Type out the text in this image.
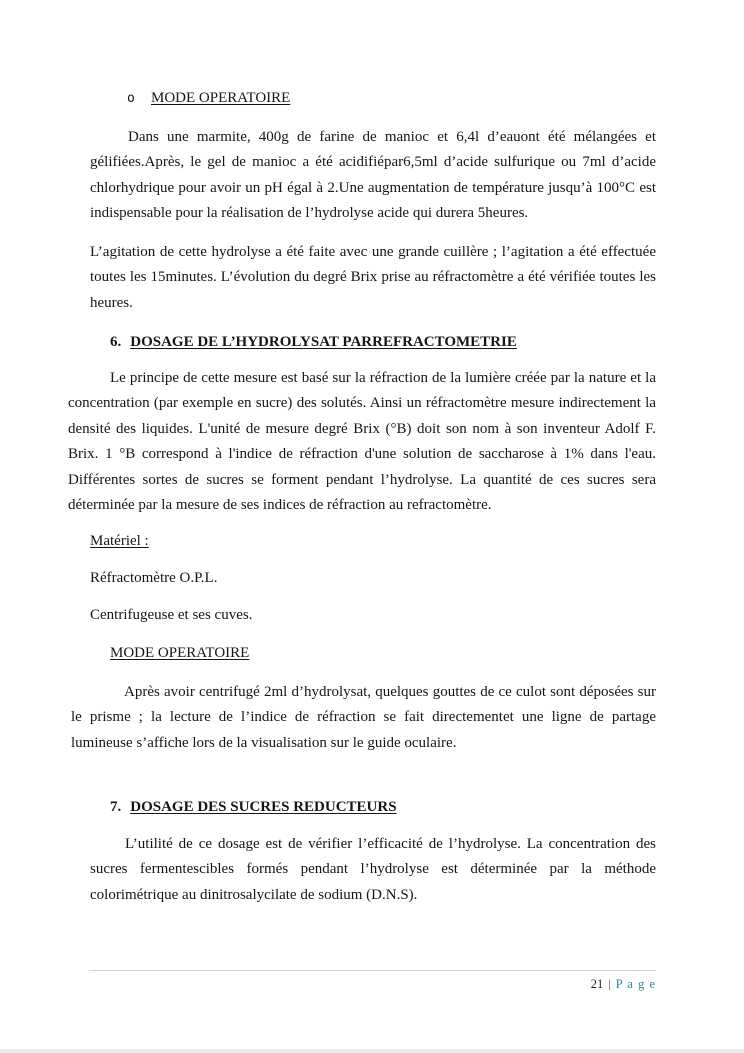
o MODE OPERATOIRE

Dans une marmite, 400g de farine de manioc et 6,4l d’eauont été mélangées et gélifiées.Après, le gel de manioc a été acidifiépar6,5ml d’acide sulfurique ou 7ml d’acide chlorhydrique pour avoir un pH égal à 2.Une augmentation de température jusqu’à 100°C est indispensable pour la réalisation de l’hydrolyse acide qui durera 5heures.

L’agitation de cette hydrolyse a été faite avec une grande cuillère ; l’agitation a été effectuée toutes les 15minutes. L’évolution du degré Brix prise au réfractomètre a été vérifiée toutes les heures.

6. DOSAGE DE L’HYDROLYSAT PARREFRACTOMETRIE

Le principe de cette mesure est basé sur la réfraction de la lumière créée par la nature et la concentration (par exemple en sucre) des solutés. Ainsi un réfractomètre mesure indirectement la densité des liquides. L'unité de mesure degré Brix (°B) doit son nom à son inventeur Adolf F. Brix. 1 °B correspond à l'indice de réfraction d'une solution de saccharose à 1% dans l'eau. Différentes sortes de sucres se forment pendant l’hydrolyse. La quantité de ces sucres sera déterminée par la mesure de ses indices de réfraction au refractomètre.

Matériel :

Réfractomètre O.P.L.

Centrifugeuse et ses cuves.

MODE OPERATOIRE

Après avoir centrifugé 2ml d’hydrolysat, quelques gouttes de ce culot sont déposées sur le prisme ; la lecture de l’indice de réfraction se fait directementet une ligne de partage lumineuse s’affiche lors de la visualisation sur le guide oculaire.

7. DOSAGE DES SUCRES REDUCTEURS

L’utilité de ce dosage est de vérifier l’efficacité de l’hydrolyse. La concentration des sucres fermentescibles formés pendant l’hydrolyse est déterminée par la méthode colorimétrique au dinitrosalycilate de sodium (D.N.S).

21 | P a g e
